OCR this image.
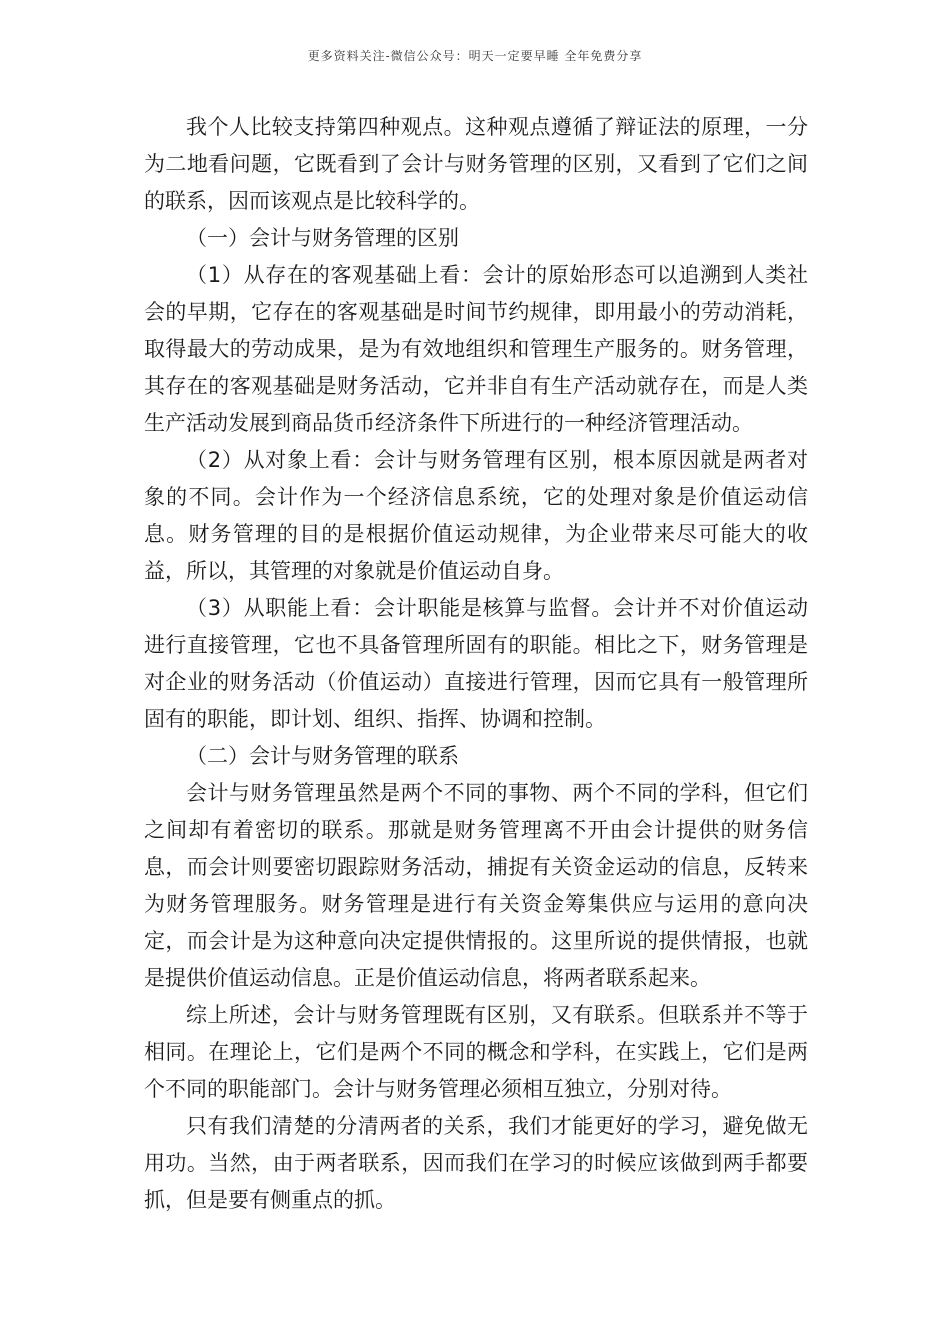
更多资料关注-微信公众号：明天一定要早睡 全年免费分享

我个人比较支持第四种观点。这种观点遵循了辩证法的原理，一分为二地看问题，它既看到了会计与财务管理的区别，又看到了它们之间的联系，因而该观点是比较科学的。

（一）会计与财务管理的区别

（1）从存在的客观基础上看：会计的原始形态可以追溯到人类社会的早期，它存在的客观基础是时间节约规律，即用最小的劳动消耗，取得最大的劳动成果，是为有效地组织和管理生产服务的。财务管理，其存在的客观基础是财务活动，它并非自有生产活动就存在，而是人类生产活动发展到商品货币经济条件下所进行的一种经济管理活动。

（2）从对象上看：会计与财务管理有区别，根本原因就是两者对象的不同。会计作为一个经济信息系统，它的处理对象是价值运动信息。财务管理的目的是根据价值运动规律，为企业带来尽可能大的收益，所以，其管理的对象就是价值运动自身。

（3）从职能上看：会计职能是核算与监督。会计并不对价值运动进行直接管理，它也不具备管理所固有的职能。相比之下，财务管理是对企业的财务活动（价值运动）直接进行管理，因而它具有一般管理所固有的职能，即计划、组织、指挥、协调和控制。

（二）会计与财务管理的联系

会计与财务管理虽然是两个不同的事物、两个不同的学科，但它们之间却有着密切的联系。那就是财务管理离不开由会计提供的财务信息，而会计则要密切跟踪财务活动，捕捉有关资金运动的信息，反转来为财务管理服务。财务管理是进行有关资金筹集供应与运用的意向决定，而会计是为这种意向决定提供情报的。这里所说的提供情报，也就是提供价值运动信息。正是价值运动信息，将两者联系起来。

综上所述，会计与财务管理既有区别，又有联系。但联系并不等于相同。在理论上，它们是两个不同的概念和学科，在实践上，它们是两个不同的职能部门。会计与财务管理必须相互独立，分别对待。

只有我们清楚的分清两者的关系，我们才能更好的学习，避免做无用功。当然，由于两者联系，因而我们在学习的时候应该做到两手都要抓，但是要有侧重点的抓。
